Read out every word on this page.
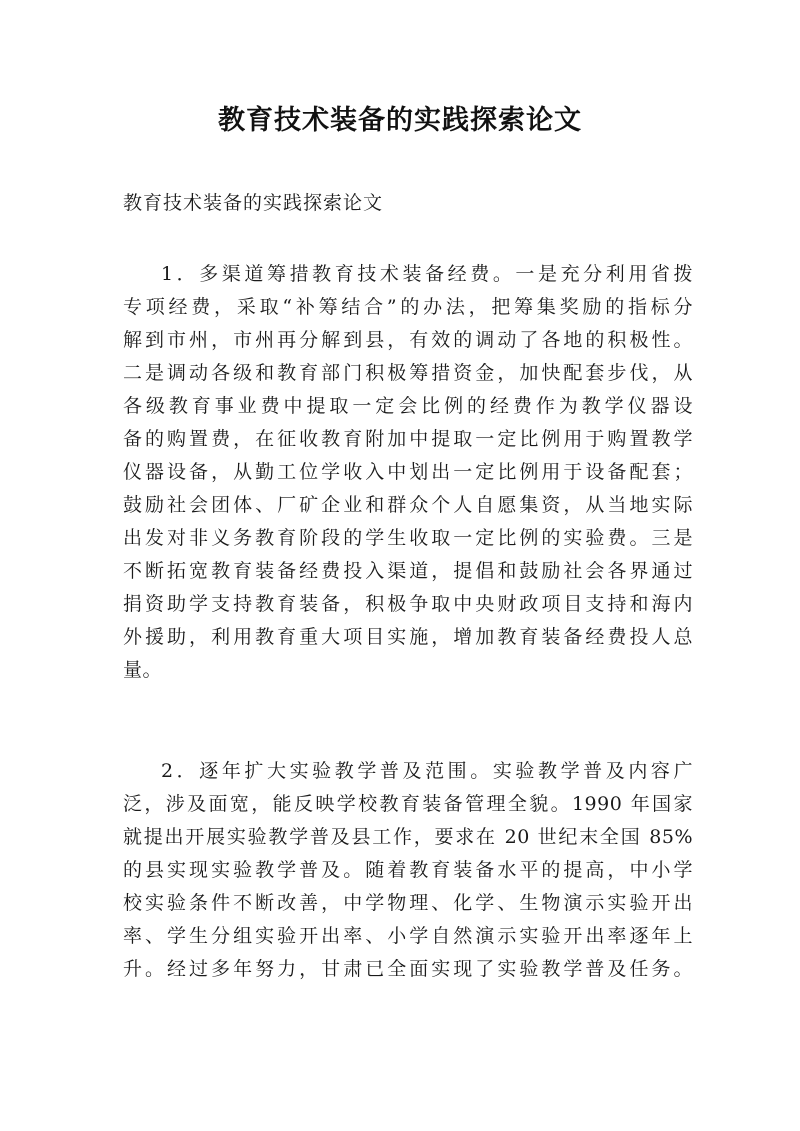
教育技术装备的实践探索论文
教育技术装备的实践探索论文
1．多渠道筹措教育技术装备经费。一是充分利用省拨
专项经费，采取“补筹结合”的办法，把筹集奖励的指标分
解到市州，市州再分解到县，有效的调动了各地的积极性。
二是调动各级和教育部门积极筹措资金，加快配套步伐，从
各级教育事业费中提取一定会比例的经费作为教学仪器设
备的购置费，在征收教育附加中提取一定比例用于购置教学
仪器设备，从勤工位学收入中划出一定比例用于设备配套；
鼓励社会团体、厂矿企业和群众个人自愿集资，从当地实际
出发对非义务教育阶段的学生收取一定比例的实验费。三是
不断拓宽教育装备经费投入渠道，提倡和鼓励社会各界通过
捐资助学支持教育装备，积极争取中央财政项目支持和海内
外援助，利用教育重大项目实施，增加教育装备经费投人总
量。
2．逐年扩大实验教学普及范围。实验教学普及内容广
泛，涉及面宽，能反映学校教育装备管理全貌。1990 年国家
就提出开展实验教学普及县工作，要求在 20 世纪末全国 85%
的县实现实验教学普及。随着教育装备水平的提高，中小学
校实验条件不断改善，中学物理、化学、生物演示实验开出
率、学生分组实验开出率、小学自然演示实验开出率逐年上
升。经过多年努力，甘肃已全面实现了实验教学普及任务。
